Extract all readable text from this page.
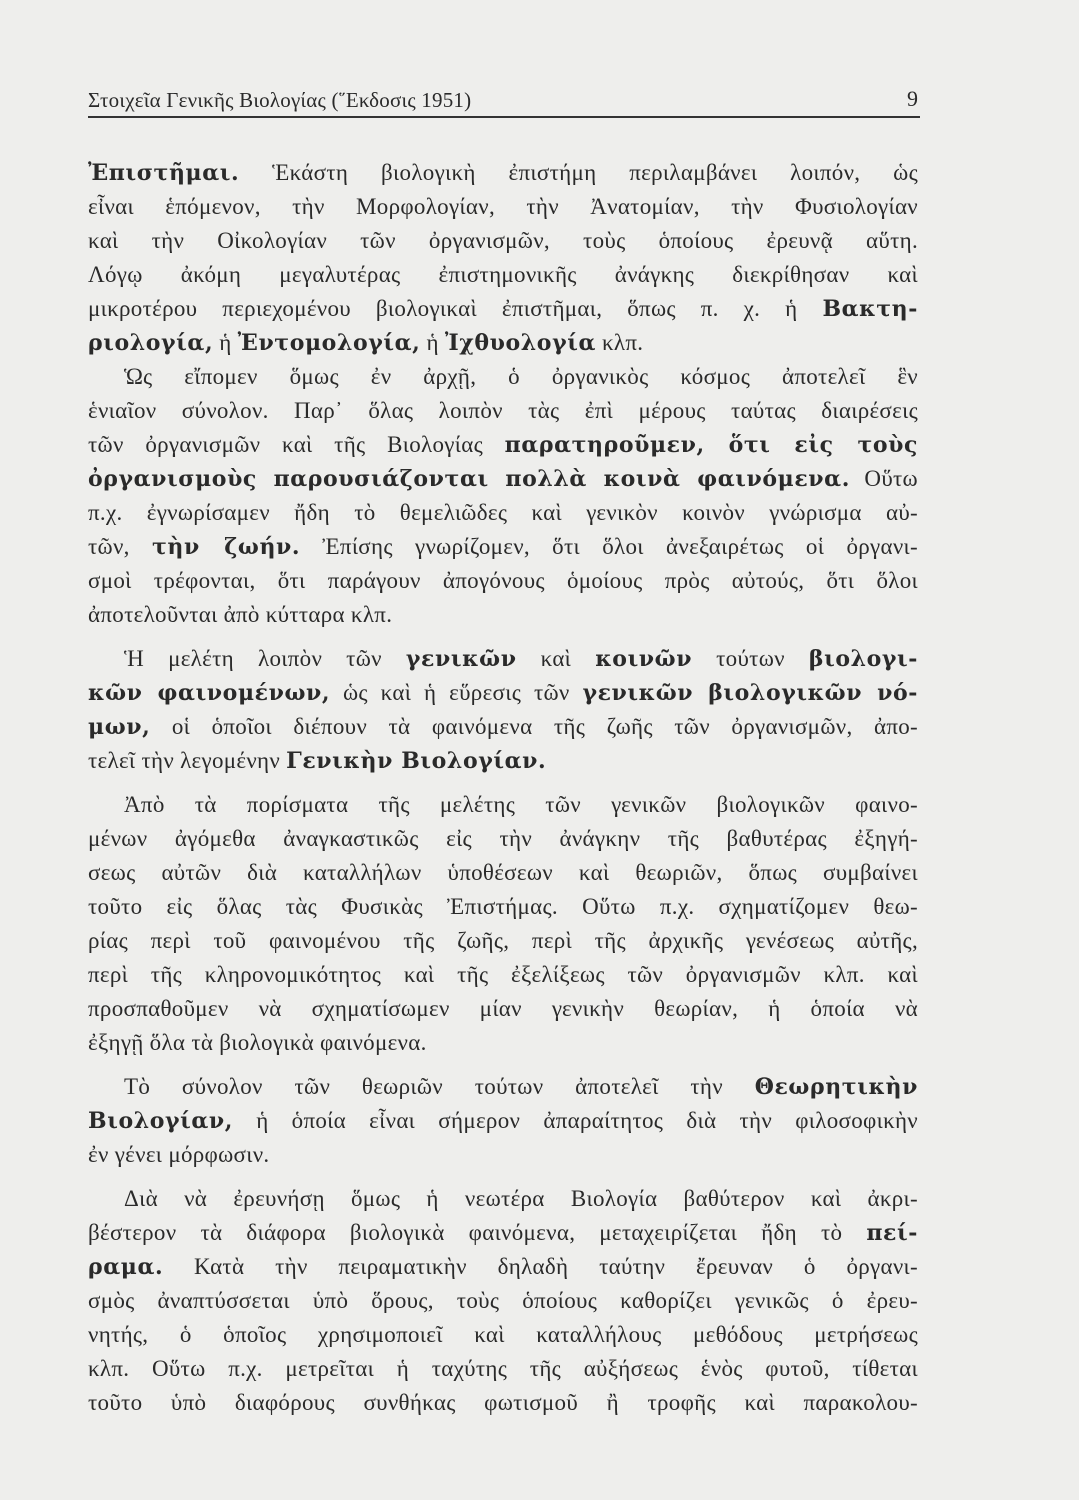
Στοιχεῖα Γενικῆς Βιολογίας (῞Εκδοσις 1951)	9
Ἐπιστῆμαι. Ἑκάστη βιολογικὴ ἐπιστήμη περιλαμβάνει λοιπόν, ὡς
εἶναι ἑπόμενον, τὴν Μορφολογίαν, τὴν Ἀνατομίαν, τὴν Φυσιολογίαν
καὶ τὴν Οἰκολογίαν τῶν ὀργανισμῶν, τοὺς ὁποίους ἐρευνᾷ αὕτη.
Λόγῳ ἀκόμη μεγαλυτέρας ἐπιστημονικῆς ἀνάγκης διεκρίθησαν καὶ
μικροτέρου περιεχομένου βιολογικαὶ ἐπιστῆμαι, ὅπως π. χ. ἡ Βακτη-
ριολογία, ἡ Ἐντομολογία, ἡ Ἰχθυολογία κλπ.
Ὡς εἴπομεν ὅμως ἐν ἀρχῇ, ὁ ὀργανικὸς κόσμος ἀποτελεῖ ἓν
ἑνιαῖον σύνολον. Παρ᾽ ὅλας λοιπὸν τὰς ἐπὶ μέρους ταύτας διαιρέσεις
τῶν ὀργανισμῶν καὶ τῆς Βιολογίας παρατηροῦμεν, ὅτι εἰς τοὺς
ὀργανισμοὺς παρουσιάζονται πολλὰ κοινὰ φαινόμενα. Οὕτω
π.χ. ἐγνωρίσαμεν ἤδη τὸ θεμελιῶδες καὶ γενικὸν κοινὸν γνώρισμα αὐ-
τῶν, τὴν ζωήν. Ἐπίσης γνωρίζομεν, ὅτι ὅλοι ἀνεξαιρέτως οἱ ὀργανι-
σμοὶ τρέφονται, ὅτι παράγουν ἀπογόνους ὁμοίους πρὸς αὐτούς, ὅτι ὅλοι
ἀποτελοῦνται ἀπὸ κύτταρα κλπ.
Ἡ μελέτη λοιπὸν τῶν γενικῶν καὶ κοινῶν τούτων βιολογι-
κῶν φαινομένων, ὡς καὶ ἡ εὕρεσις τῶν γενικῶν βιολογικῶν νό-
μων, οἱ ὁποῖοι διέπουν τὰ φαινόμενα τῆς ζωῆς τῶν ὀργανισμῶν, ἀπο-
τελεῖ τὴν λεγομένην Γενικὴν Βιολογίαν.
Ἀπὸ τὰ πορίσματα τῆς μελέτης τῶν γενικῶν βιολογικῶν φαινο-
μένων ἀγόμεθα ἀναγκαστικῶς εἰς τὴν ἀνάγκην τῆς βαθυτέρας ἐξηγή-
σεως αὐτῶν διὰ καταλλήλων ὑποθέσεων καὶ θεωριῶν, ὅπως συμβαίνει
τοῦτο εἰς ὅλας τὰς Φυσικὰς Ἐπιστήμας. Οὕτω π.χ. σχηματίζομεν θεω-
ρίας περὶ τοῦ φαινομένου τῆς ζωῆς, περὶ τῆς ἀρχικῆς γενέσεως αὐτῆς,
περὶ τῆς κληρονομικότητος καὶ τῆς ἐξελίξεως τῶν ὀργανισμῶν κλπ. καὶ
προσπαθοῦμεν νὰ σχηματίσωμεν μίαν γενικὴν θεωρίαν, ἡ ὁποία νὰ
ἐξηγῇ ὅλα τὰ βιολογικὰ φαινόμενα.
Τὸ σύνολον τῶν θεωριῶν τούτων ἀποτελεῖ τὴν Θεωρητικὴν
Βιολογίαν, ἡ ὁποία εἶναι σήμερον ἀπαραίτητος διὰ τὴν φιλοσοφικὴν
ἐν γένει μόρφωσιν.
Διὰ νὰ ἐρευνήσῃ ὅμως ἡ νεωτέρα Βιολογία βαθύτερον καὶ ἀκρι-
βέστερον τὰ διάφορα βιολογικὰ φαινόμενα, μεταχειρίζεται ἤδη τὸ πεί-
ραμα. Κατὰ τὴν πειραματικὴν δηλαδὴ ταύτην ἔρευναν ὁ ὀργανι-
σμὸς ἀναπτύσσεται ὑπὸ ὅρους, τοὺς ὁποίους καθορίζει γενικῶς ὁ ἐρευ-
νητής, ὁ ὁποῖος χρησιμοποιεῖ καὶ καταλλήλους μεθόδους μετρήσεως
κλπ. Οὕτω π.χ. μετρεῖται ἡ ταχύτης τῆς αὐξήσεως ἑνὸς φυτοῦ, τίθεται
τοῦτο ὑπὸ διαφόρους συνθήκας φωτισμοῦ ἢ τροφῆς καὶ παρακολου-
